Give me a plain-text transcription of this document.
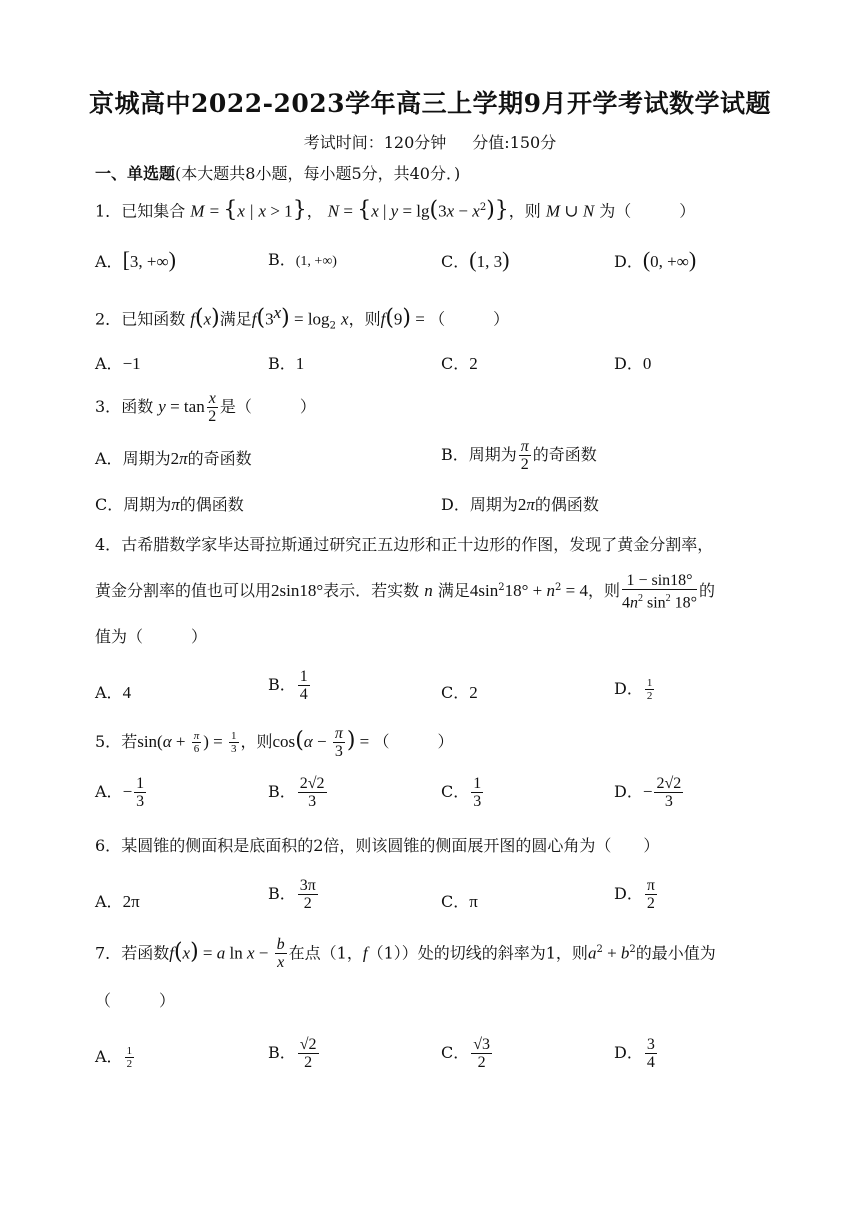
京城高中2022-2023学年高三上学期9月开学考试数学试题
考试时间：120分钟 分值:150分
一、单选题(本大题共8小题，每小题5分，共40分．)
1．已知集合 M = {x | x > 1}， N = {x | $y = \lg(3x - x^2)$}，则 M ∪ N 为（　　　）
A．[3, +∞)	B．(1, +∞)	C．(1, 3)	D．(0, +∞)
2．已知函数 f(x)满足$f(3^x) = \log_2 x$，则f(9) = （　　　）
A．−1	B．1	C．2	D．0
3．函数 $y = \tan \frac{x}{2}$ 是（　　　）
A．周期为2π的奇函数	B．周期为 $\frac{\pi}{2}$ 的奇函数
C．周期为π的偶函数	D．周期为2π的偶函数
4．古希腊数学家毕达哥拉斯通过研究正五边形和正十边形的作图，发现了黄金分割率，
黄金分割率的值也可以用2sin18°表示．若实数 n 满足$4\sin^218^\circ + n^2 = 4$，则 $\frac{1 - \sin 18^\circ}{4n^2 \sin^2 18^\circ}$ 的
值为（　　　）
A．4	B． $\frac{1}{4}$	C．2	D． $\frac{1}{2}$
5．若$\sin(\alpha + \frac{\pi}{6}$ ) = $\frac{1}{3}$ ，则$\cos(\alpha - \frac{\pi}{3}$ ) = （　　　）
A．− $\frac{1}{3}$	B． $\frac{2√2}{3}$	C． $\frac{1}{3}$	D．− $\frac{2√2}{3}$
6．某圆锥的侧面积是底面积的2倍，则该圆锥的侧面展开图的圆心角为（　　）
A．2π	B． $\frac{3\pi}{2}$	C．π	D． $\frac{\pi}{2}$
7．若函数f(x) = a $\ln x - \frac{b}{x}$ 在点（1，f（1））处的切线的斜率为1，则$a^2 + b^2$的最小值为
（　　　）
A． $\frac{1}{2}$	B． $\frac{√2}{2}$	C． $\frac{√3}{2}$	D． $\frac{3}{4}$
